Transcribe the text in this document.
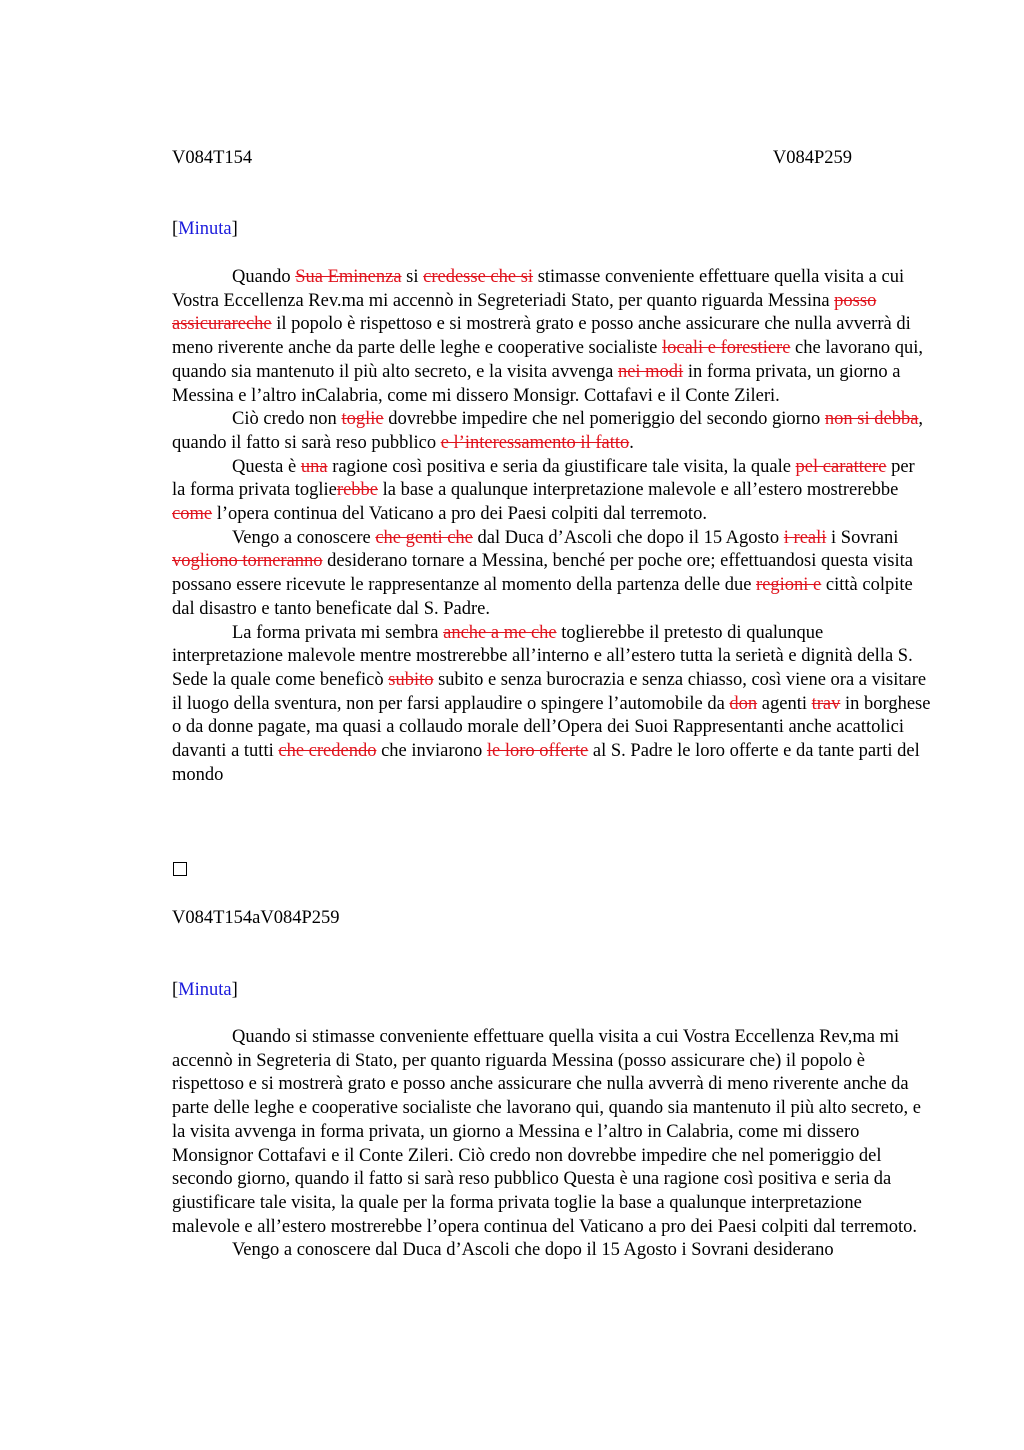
V084T154	V084P259
[Minuta]

Quando Sua Eminenza si credesse che si stimasse conveniente effettuare quella visita a cui Vostra Eccellenza Rev.ma mi accennò in Segreteriadi Stato, per quanto riguarda Messina posso assicurareche il popolo è rispettoso e si mostrerà grato e posso anche assicurare che nulla avverrà di meno riverente anche da parte delle leghe e cooperative socialiste locali e forestiere che lavorano qui, quando sia mantenuto il più alto secreto, e la visita avvenga nei modi in forma privata, un giorno a Messina e l’altro inCalabria, come mi dissero Monsigr. Cottafavi e il Conte Zileri.

Ciò credo non toglie dovrebbe impedire che nel pomeriggio del secondo giorno non si debba, quando il fatto si sarà reso pubblico e l’interessamento il fatto.

Questa è una ragione così positiva e seria da giustificare tale visita, la quale pel carattere per la forma privata toglierebbe la base a qualunque interpretazione malevole e all’estero mostrerebbe come l’opera continua del Vaticano a pro dei Paesi colpiti dal terremoto.

Vengo a conoscere che genti che dal Duca d’Ascoli che dopo il 15 Agosto i reali i Sovrani vogliono torneranno desiderano tornare a Messina, benché per poche ore; effettuandosi questa visita possano essere ricevute le rappresentanze al momento della partenza delle due regioni e città colpite dal disastro e tanto beneficate dal S. Padre.

La forma privata mi sembra anche a me che toglierebbe il pretesto di qualunque interpretazione malevole mentre mostrerebbe all’interno e all’estero tutta la serietà e dignità della S. Sede la quale come beneficò subito subito e senza burocrazia e senza chiasso, così viene ora a visitare il luogo della sventura, non per farsi applaudire o spingere l’automobile da don agenti trav in borghese o da donne pagate, ma quasi a collaudo morale dell’Opera dei Suoi Rappresentanti anche acattolici davanti a tutti che credendo che inviarono le loro offerte al S. Padre le loro offerte e da tante parti del mondo

V084T154aV084P259
[Minuta]

Quando si stimasse conveniente effettuare quella visita a cui Vostra Eccellenza Rev,ma mi accennò in Segreteria di Stato, per quanto riguarda Messina (posso assicurare che) il popolo è rispettoso e si mostrerà grato e posso anche assicurare che nulla avverrà di meno riverente anche da parte delle leghe e cooperative socialiste che lavorano qui, quando sia mantenuto il più alto secreto, e la visita avvenga in forma privata, un giorno a Messina e l’altro in Calabria, come mi dissero Monsignor Cottafavi e il Conte Zileri. Ciò credo non dovrebbe impedire che nel pomeriggio del secondo giorno, quando il fatto si sarà reso pubblico Questa è una ragione così positiva e seria da giustificare tale visita, la quale per la forma privata toglie la base a qualunque interpretazione malevole e all’estero mostrerebbe l’opera continua del Vaticano a pro dei Paesi colpiti dal terremoto.

Vengo a conoscere dal Duca d’Ascoli che dopo il 15 Agosto i Sovrani desiderano
